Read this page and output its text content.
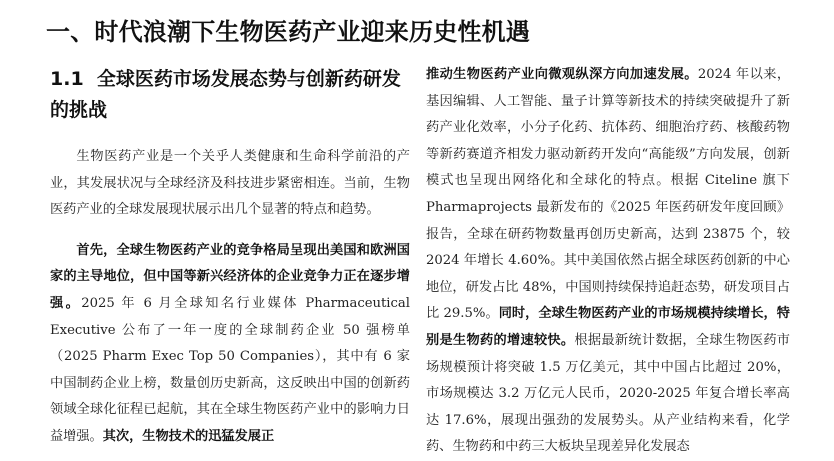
一、时代浪潮下生物医药产业迎来历史性机遇
1.1 全球医药市场发展态势与创新药研发的挑战

生物医药产业是一个关乎人类健康和生命科学前沿的产业，其发展状况与全球经济及科技进步紧密相连。当前，生物医药产业的全球发展现状展示出几个显著的特点和趋势。

首先，全球生物医药产业的竞争格局呈现出美国和欧洲国家的主导地位，但中国等新兴经济体的企业竞争力正在逐步增强。2025 年 6 月全球知名行业媒体 Pharmaceutical Executive 公布了一年一度的全球制药企业 50 强榜单（2025 Pharm Exec Top 50 Companies），其中有 6 家中国制药企业上榜，数量创历史新高，这反映出中国的创新药领域全球化征程已起航，其在全球生物医药产业中的影响力日益增强。其次，生物技术的迅猛发展正

推动生物医药产业向微观纵深方向加速发展。2024 年以来，基因编辑、人工智能、量子计算等新技术的持续突破提升了新药产业化效率，小分子化药、抗体药、细胞治疗药、核酸药物等新药赛道齐相发力驱动新药开发向“高能级”方向发展，创新模式也呈现出网络化和全球化的特点。根据 Citeline 旗下 Pharmaprojects 最新发布的《2025 年医药研发年度回顾》报告，全球在研药物数量再创历史新高，达到 23875 个，较 2024 年增长 4.60%。其中美国依然占据全球医药创新的中心地位，研发占比 48%，中国则持续保持追赶态势，研发项目占比 29.5%。同时，全球生物医药产业的市场规模持续增长，特别是生物药的增速较快。根据最新统计数据，全球生物医药市场规模预计将突破 1.5 万亿美元，其中中国占比超过 20%，市场规模达 3.2 万亿元人民币，2020-2025 年复合增长率高达 17.6%，展现出强劲的发展势头。从产业结构来看，化学药、生物药和中药三大板块呈现差异化发展态
